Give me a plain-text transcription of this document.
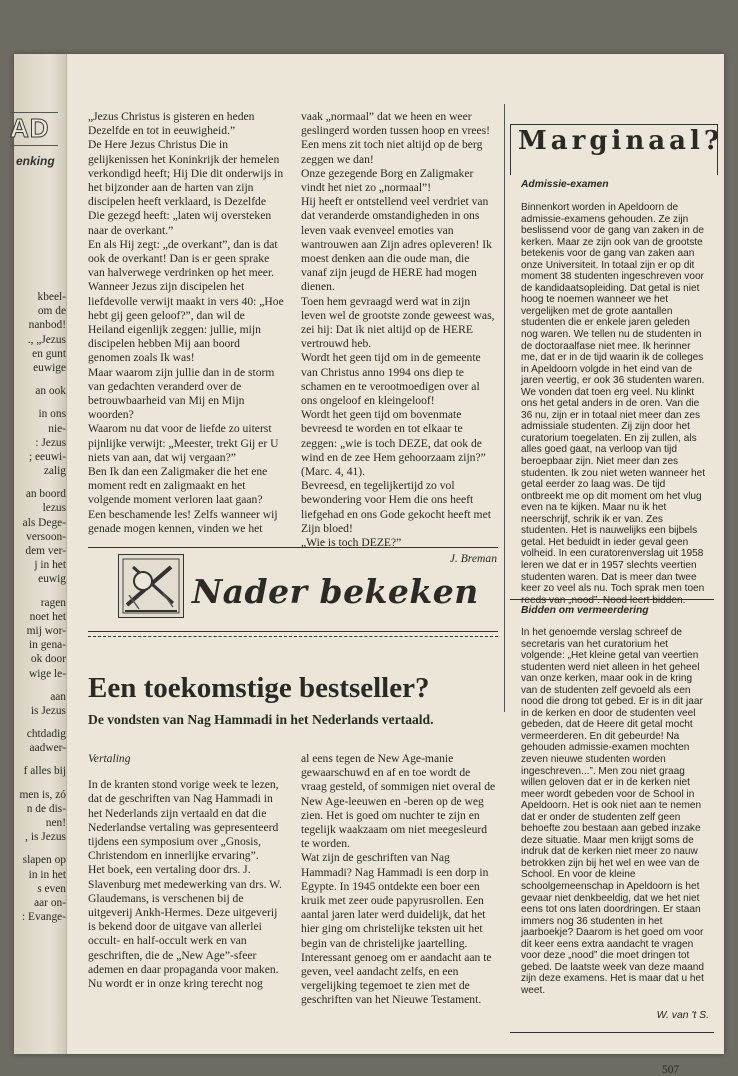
AD
enking
kbeel-
om de
nanbod!
., „Jezus
en gunt
euwige
an ook
in ons
nie-
: Jezus
; eeuwi-
zalig
an boord
lezus
als Dege-
versoon-
dem ver-
j in het
euwig
ragen
noet het
mij wor-
in gena-
ok door
wige le-
aan
is Jezus
chtdadig
aadwer-
f alles bij
men is, zó
n de dis-
nen!
, is Jezus
slapen op
in in het
s even
aar on-
: Evange-

„Jezus Christus is gisteren en heden Dezelfde en tot in eeuwigheid.”

De Here Jezus Christus Die in gelijkenissen het Koninkrijk der hemelen verkondigd heeft; Hij Die dit onderwijs in het bijzonder aan de harten van zijn discipelen heeft verklaard, is Dezelfde Die gezegd heeft: „laten wij oversteken naar de overkant.”

En als Hij zegt: „de overkant”, dan is dat ook de overkant! Dan is er geen sprake van halverwege verdrinken op het meer.

Wanneer Jezus zijn discipelen het liefdevolle verwijt maakt in vers 40: „Hoe hebt gij geen geloof?”, dan wil de Heiland eigenlijk zeggen: jullie, mijn discipelen hebben Mij aan boord genomen zoals Ik was!

Maar waarom zijn jullie dan in de storm van gedachten veranderd over de betrouwbaarheid van Mij en Mijn woorden?

Waarom nu dat voor de liefde zo uiterst pijnlijke verwijt: „Meester, trekt Gij er U niets van aan, dat wij vergaan?”

Ben Ik dan een Zaligmaker die het ene moment redt en zaligmaakt en het volgende moment verloren laat gaan?

Een beschamende les! Zelfs wanneer wij genade mogen kennen, vinden we het

vaak „normaal” dat we heen en weer geslingerd worden tussen hoop en vrees! Een mens zit toch niet altijd op de berg zeggen we dan!

Onze gezegende Borg en Zaligmaker vindt het niet zo „normaal”!

Hij heeft er ontstellend veel verdriet van dat veranderde omstandigheden in ons leven vaak evenveel emoties van wantrouwen aan Zijn adres opleveren! Ik moest denken aan die oude man, die vanaf zijn jeugd de HERE had mogen dienen.

Toen hem gevraagd werd wat in zijn leven wel de grootste zonde geweest was, zei hij: Dat ik niet altijd op de HERE vertrouwd heb.

Wordt het geen tijd om in de gemeente van Christus anno 1994 ons diep te schamen en te verootmoedigen over al ons ongeloof en kleingeloof!

Wordt het geen tijd om bovenmate bevreesd te worden en tot elkaar te zeggen: „wie is toch DEZE, dat ook de wind en de zee Hem gehoorzaam zijn?” (Marc. 4, 41).

Bevreesd, en tegelijkertijd zo vol bewondering voor Hem die ons heeft liefgehad en ons Gode gekocht heeft met Zijn bloed!

„Wie is toch DEZE?”

J. Breman

Nader bekeken
Een toekomstige bestseller?
De vondsten van Nag Hammadi in het Nederlands vertaald.

Vertaling

In de kranten stond vorige week te lezen, dat de geschriften van Nag Hammadi in het Nederlands zijn vertaald en dat die Nederlandse vertaling was gepresenteerd tijdens een symposium over „Gnosis, Christendom en innerlijke ervaring”.

Het boek, een vertaling door drs. J. Slavenburg met medewerking van drs. W. Glaudemans, is verschenen bij de uitgeverij Ankh-Hermes. Deze uitgeverij is bekend door de uitgave van allerlei occult- en half-occult werk en van geschriften, die de „New Age”-sfeer ademen en daar propaganda voor maken. Nu wordt er in onze kring terecht nog

al eens tegen de New Age-manie gewaarschuwd en af en toe wordt de vraag gesteld, of sommigen niet overal de New Age-leeuwen en -beren op de weg zien. Het is goed om nuchter te zijn en tegelijk waakzaam om niet meegesleurd te worden.

Wat zijn de geschriften van Nag Hammadi? Nag Hammadi is een dorp in Egypte. In 1945 ontdekte een boer een kruik met zeer oude papyrusrollen. Een aantal jaren later werd duidelijk, dat het hier ging om christelijke teksten uit het begin van de christelijke jaartelling. Interessant genoeg om er aandacht aan te geven, veel aandacht zelfs, en een vergelijking tegemoet te zien met de geschriften van het Nieuwe Testament.

Marginaal?

Admissie-examen

Binnenkort worden in Apeldoorn de admissie-examens gehouden. Ze zijn beslissend voor de gang van zaken in de kerken. Maar ze zijn ook van de grootste betekenis voor de gang van zaken aan onze Universiteit. In totaal zijn er op dit moment 38 studenten ingeschreven voor de kandidaatsopleiding. Dat getal is niet hoog te noemen wanneer we het vergelijken met de grote aantallen studenten die er enkele jaren geleden nog waren. We tellen nu de studenten in de doctoraalfase niet mee. Ik herinner me, dat er in de tijd waarin ik de colleges in Apeldoorn volgde in het eind van de jaren veertig, er ook 36 studenten waren. We vonden dat toen erg veel. Nu klinkt ons het getal anders in de oren. Van die 36 nu, zijn er in totaal niet meer dan zes admissiale studenten. Zij zijn door het curatorium toegelaten. En zij zullen, als alles goed gaat, na verloop van tijd beroepbaar zijn. Niet meer dan zes studenten. Ik zou niet weten wanneer het getal eerder zo laag was. De tijd ontbreekt me op dit moment om het vlug even na te kijken. Maar nu ik het neerschrijf, schrik ik er van. Zes studenten. Het is nauwelijks een bijbels getal. Het beduidt in ieder geval geen volheid. In een curatorenverslag uit 1958 leren we dat er in 1957 slechts veertien studenten waren. Dat is meer dan twee keer zo veel als nu. Toch sprak men toen reeds van „nood”. Nood leert bidden.

Bidden om vermeerdering

In het genoemde verslag schreef de secretaris van het curatorium het volgende: „Het kleine getal van veertien studenten werd niet alleen in het geheel van onze kerken, maar ook in de kring van de studenten zelf gevoeld als een nood die drong tot gebed. Er is in dit jaar in de kerken en door de studenten veel gebeden, dat de Heere dit getal mocht vermeerderen. En dit gebeurde! Na gehouden admissie-examen mochten zeven nieuwe studenten worden ingeschreven...”. Men zou niet graag willen geloven dat er in de kerken niet meer wordt gebeden voor de School in Apeldoorn. Het is ook niet aan te nemen dat er onder de studenten zelf geen behoefte zou bestaan aan gebed inzake deze situatie. Maar men krijgt soms de indruk dat de kerken niet meer zo nauw betrokken zijn bij het wel en wee van de School. En voor de kleine schoolgemeenschap in Apeldoorn is het gevaar niet denkbeeldig, dat we het niet eens tot ons laten doordringen. Er staan immers nog 36 studenten in het jaarboekje? Daarom is het goed om voor dit keer eens extra aandacht te vragen voor deze „nood” die moet dringen tot gebed. De laatste week van deze maand zijn deze examens. Het is maar dat u het weet.

W. van 't S.
507
